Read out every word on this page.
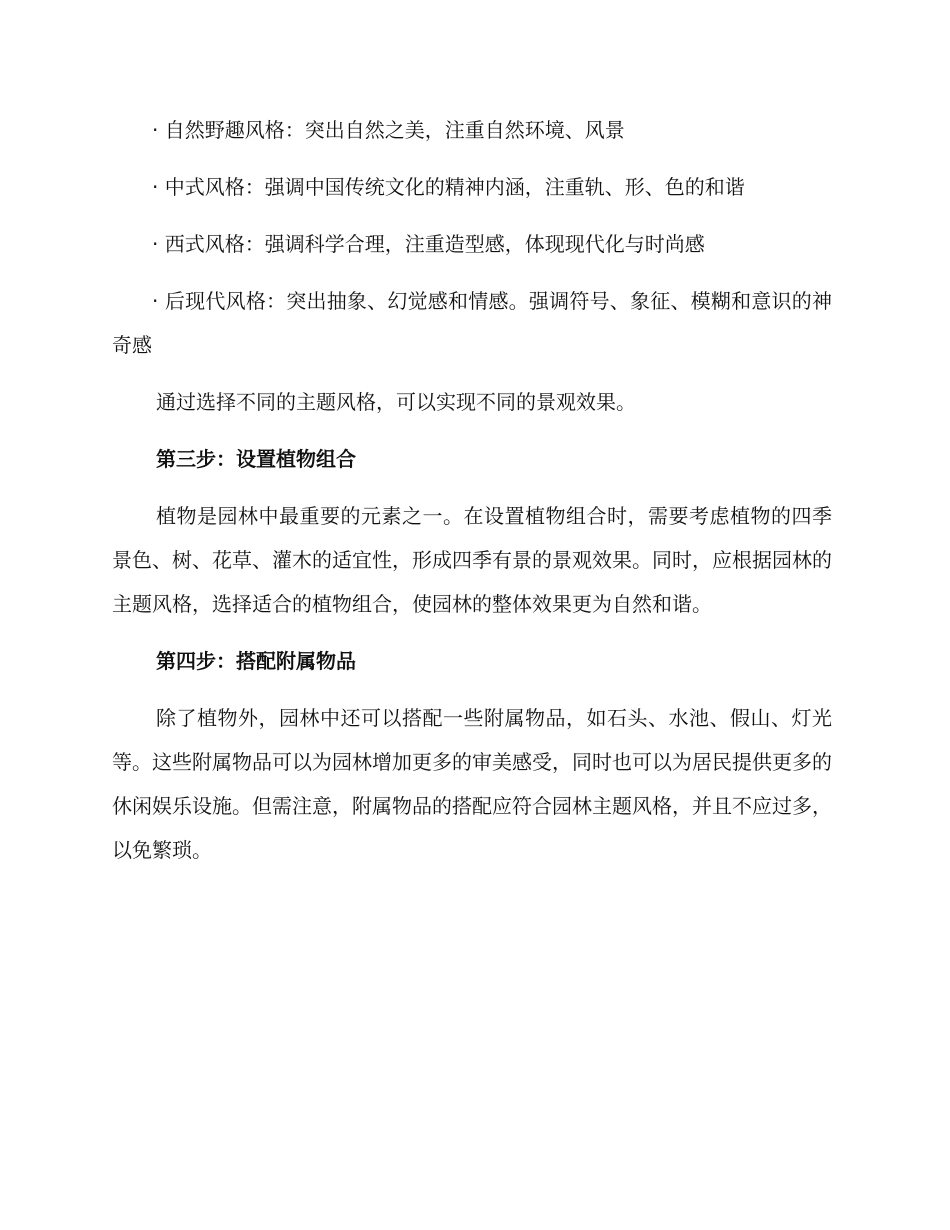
· 自然野趣风格：突出自然之美，注重自然环境、风景

· 中式风格：强调中国传统文化的精神内涵，注重轨、形、色的和谐

· 西式风格：强调科学合理，注重造型感，体现现代化与时尚感

· 后现代风格：突出抽象、幻觉感和情感。强调符号、象征、模糊和意识的神奇感

通过选择不同的主题风格，可以实现不同的景观效果。

第三步：设置植物组合

植物是园林中最重要的元素之一。在设置植物组合时，需要考虑植物的四季景色、树、花草、灌木的适宜性，形成四季有景的景观效果。同时，应根据园林的主题风格，选择适合的植物组合，使园林的整体效果更为自然和谐。

第四步：搭配附属物品

除了植物外，园林中还可以搭配一些附属物品，如石头、水池、假山、灯光等。这些附属物品可以为园林增加更多的审美感受，同时也可以为居民提供更多的休闲娱乐设施。但需注意，附属物品的搭配应符合园林主题风格，并且不应过多，以免繁琐。
